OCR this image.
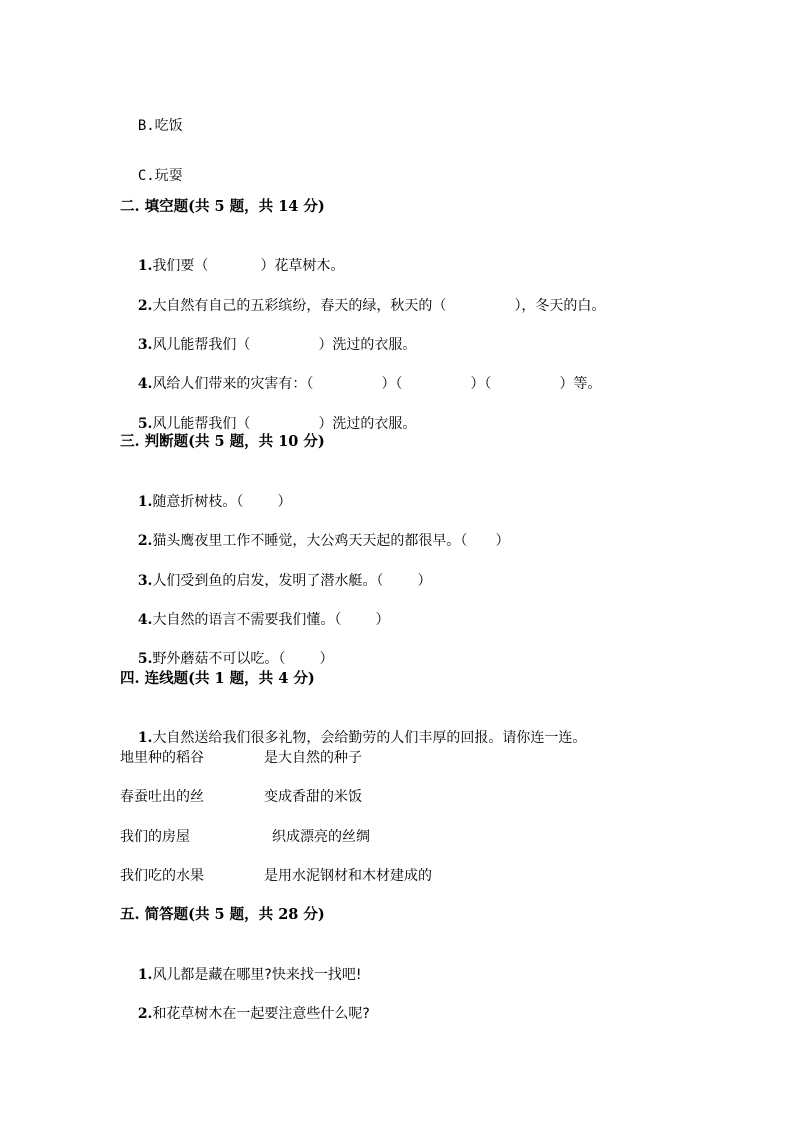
B.吃饭

C.玩耍

二. 填空题(共 5 题，共 14 分)

1.我们要（	）花草树木。

2.大自然有自己的五彩缤纷，春天的绿，秋天的（	），冬天的白。

3.风儿能帮我们（	）洗过的衣服。

4.风给人们带来的灾害有：（	）（	）（	）等。

5.风儿能帮我们（	）洗过的衣服。

三. 判断题(共 5 题，共 10 分)

1.随意折树枝。（ ）

2.猫头鹰夜里工作不睡觉，大公鸡天天起的都很早。（ ）

3.人们受到鱼的启发，发明了潜水艇。（ ）

4.大自然的语言不需要我们懂。（ ）

5.野外蘑菇不可以吃。（ ）

四. 连线题(共 1 题，共 4 分)

1.大自然送给我们很多礼物，会给勤劳的人们丰厚的回报。请你连一连。

地里种的稻谷	是大自然的种子
春蚕吐出的丝	变成香甜的米饭
我们的房屋	织成漂亮的丝绸
我们吃的水果	是用水泥钢材和木材建成的
五. 简答题(共 5 题，共 28 分)

1.风儿都是藏在哪里?快来找一找吧!

2.和花草树木在一起要注意些什么呢?
